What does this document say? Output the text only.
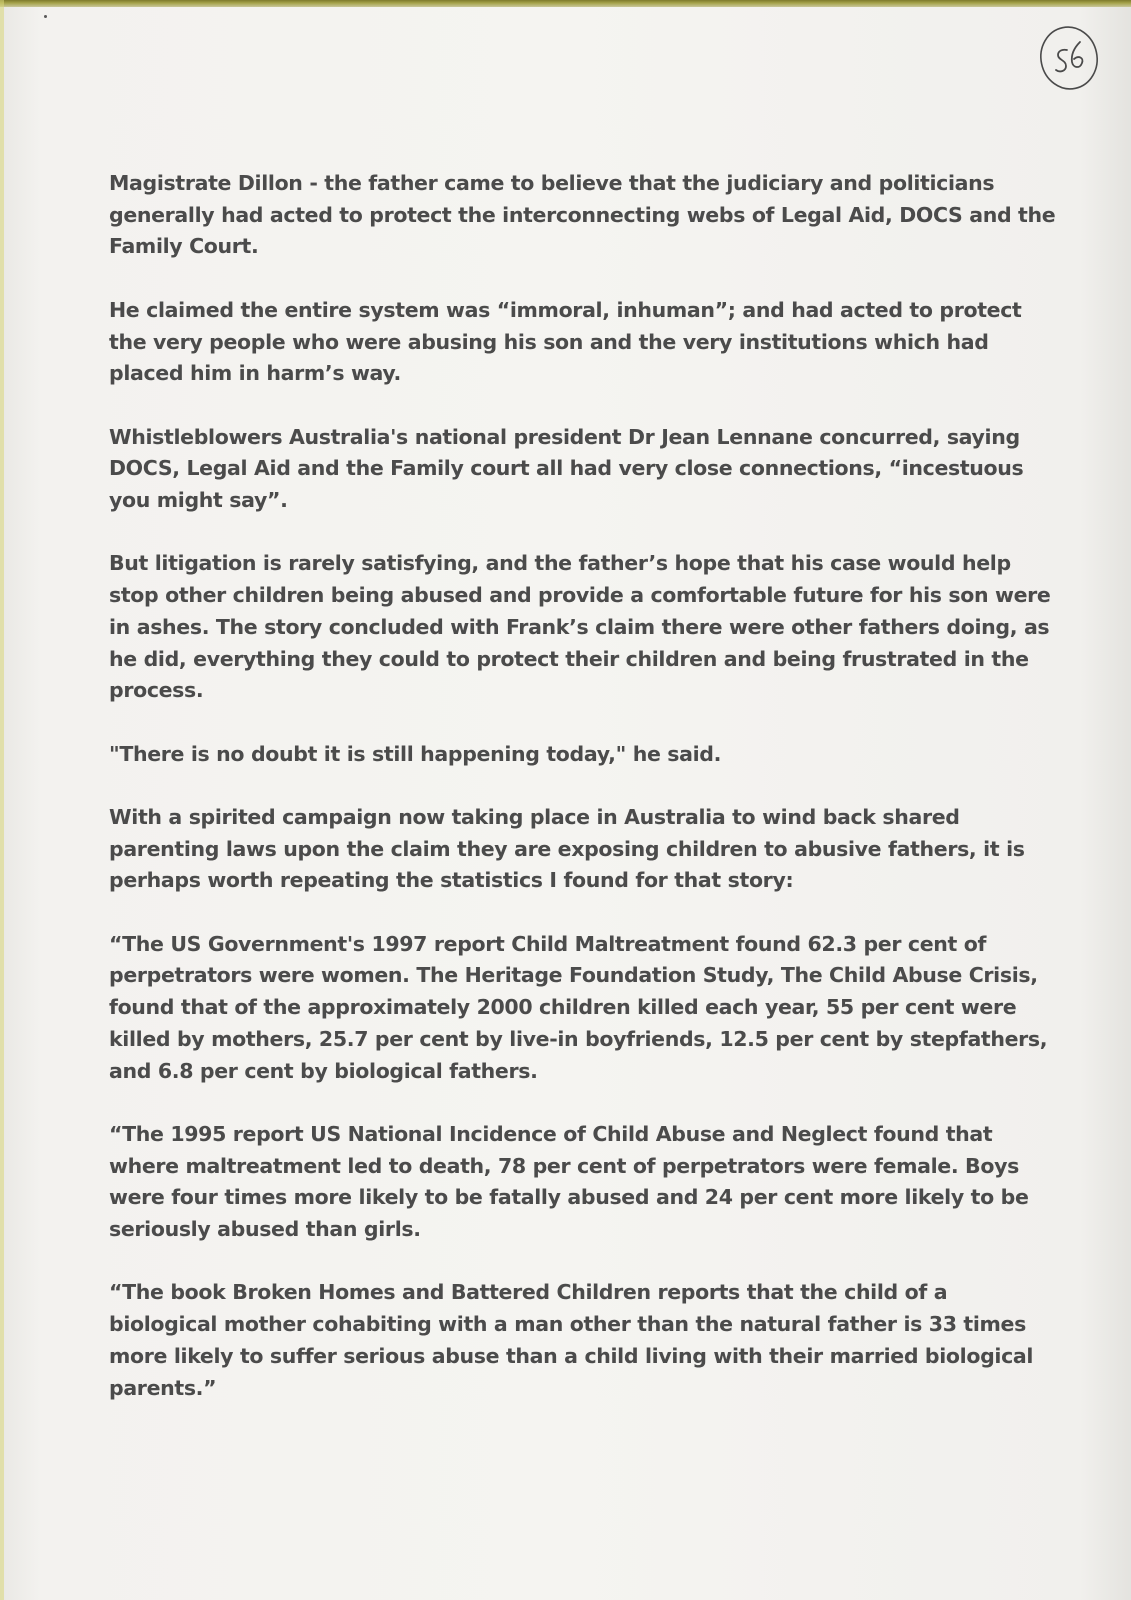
Magistrate Dillon - the father came to believe that the judiciary and politicians
generally had acted to protect the interconnecting webs of Legal Aid, DOCS and the
Family Court.
He claimed the entire system was “immoral, inhuman”; and had acted to protect
the very people who were abusing his son and the very institutions which had
placed him in harm’s way.
Whistleblowers Australia's national president Dr Jean Lennane concurred, saying
DOCS, Legal Aid and the Family court all had very close connections, “incestuous
you might say”.
But litigation is rarely satisfying, and the father’s hope that his case would help
stop other children being abused and provide a comfortable future for his son were
in ashes. The story concluded with Frank’s claim there were other fathers doing, as
he did, everything they could to protect their children and being frustrated in the
process.
"There is no doubt it is still happening today," he said.
With a spirited campaign now taking place in Australia to wind back shared
parenting laws upon the claim they are exposing children to abusive fathers, it is
perhaps worth repeating the statistics I found for that story:
“The US Government's 1997 report Child Maltreatment found 62.3 per cent of
perpetrators were women. The Heritage Foundation Study, The Child Abuse Crisis,
found that of the approximately 2000 children killed each year, 55 per cent were
killed by mothers, 25.7 per cent by live-in boyfriends, 12.5 per cent by stepfathers,
and 6.8 per cent by biological fathers.
“The 1995 report US National Incidence of Child Abuse and Neglect found that
where maltreatment led to death, 78 per cent of perpetrators were female. Boys
were four times more likely to be fatally abused and 24 per cent more likely to be
seriously abused than girls.
“The book Broken Homes and Battered Children reports that the child of a
biological mother cohabiting with a man other than the natural father is 33 times
more likely to suffer serious abuse than a child living with their married biological
parents.”
